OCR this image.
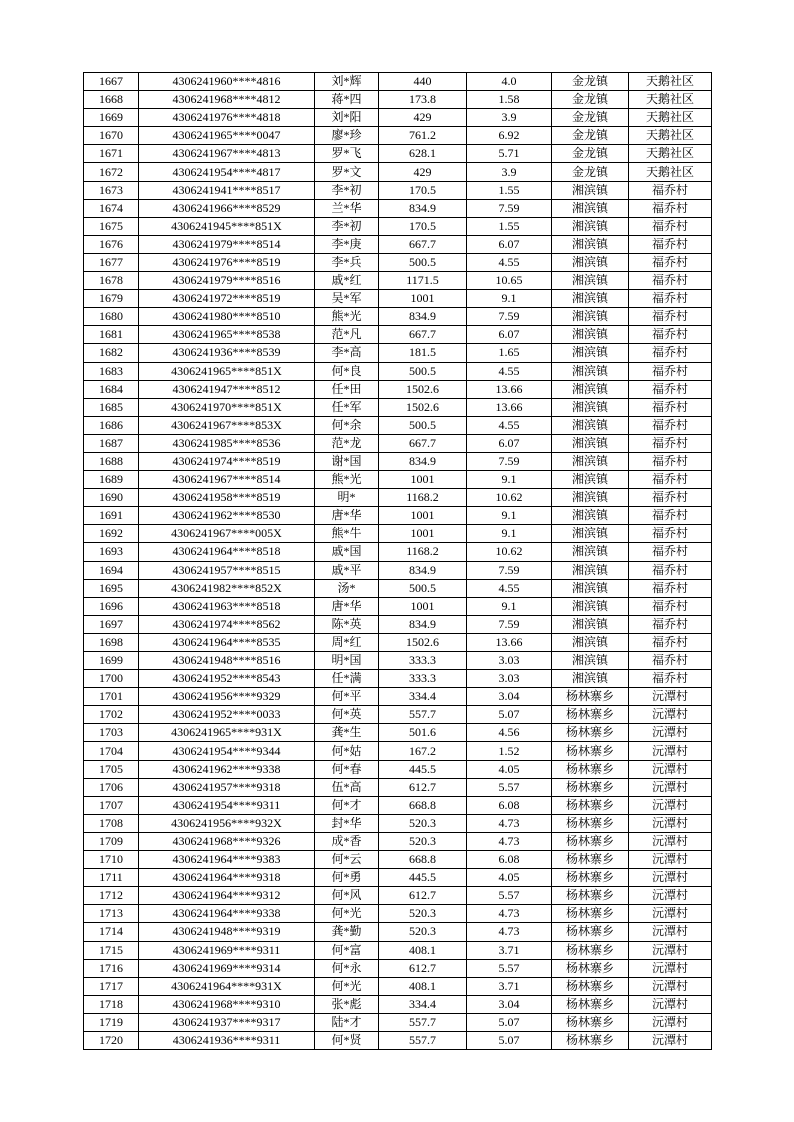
1667	4306241960****4816	刘*辉	440	4.0	金龙镇	天鹅社区
1668	4306241968****4812	蒋*四	173.8	1.58	金龙镇	天鹅社区
1669	4306241976****4818	刘*阳	429	3.9	金龙镇	天鹅社区
1670	4306241965****0047	廖*珍	761.2	6.92	金龙镇	天鹅社区
1671	4306241967****4813	罗*飞	628.1	5.71	金龙镇	天鹅社区
1672	4306241954****4817	罗*文	429	3.9	金龙镇	天鹅社区
1673	4306241941****8517	李*初	170.5	1.55	湘滨镇	福乔村
1674	4306241966****8529	兰*华	834.9	7.59	湘滨镇	福乔村
1675	4306241945****851X	李*初	170.5	1.55	湘滨镇	福乔村
1676	4306241979****8514	李*庚	667.7	6.07	湘滨镇	福乔村
1677	4306241976****8519	李*兵	500.5	4.55	湘滨镇	福乔村
1678	4306241979****8516	戚*红	1171.5	10.65	湘滨镇	福乔村
1679	4306241972****8519	吴*军	1001	9.1	湘滨镇	福乔村
1680	4306241980****8510	熊*光	834.9	7.59	湘滨镇	福乔村
1681	4306241965****8538	范*凡	667.7	6.07	湘滨镇	福乔村
1682	4306241936****8539	李*高	181.5	1.65	湘滨镇	福乔村
1683	4306241965****851X	何*良	500.5	4.55	湘滨镇	福乔村
1684	4306241947****8512	任*田	1502.6	13.66	湘滨镇	福乔村
1685	4306241970****851X	任*军	1502.6	13.66	湘滨镇	福乔村
1686	4306241967****853X	何*余	500.5	4.55	湘滨镇	福乔村
1687	4306241985****8536	范*龙	667.7	6.07	湘滨镇	福乔村
1688	4306241974****8519	谢*国	834.9	7.59	湘滨镇	福乔村
1689	4306241967****8514	熊*光	1001	9.1	湘滨镇	福乔村
1690	4306241958****8519	明*	1168.2	10.62	湘滨镇	福乔村
1691	4306241962****8530	唐*华	1001	9.1	湘滨镇	福乔村
1692	4306241967****005X	熊*牛	1001	9.1	湘滨镇	福乔村
1693	4306241964****8518	戚*国	1168.2	10.62	湘滨镇	福乔村
1694	4306241957****8515	戚*平	834.9	7.59	湘滨镇	福乔村
1695	4306241982****852X	汤*	500.5	4.55	湘滨镇	福乔村
1696	4306241963****8518	唐*华	1001	9.1	湘滨镇	福乔村
1697	4306241974****8562	陈*英	834.9	7.59	湘滨镇	福乔村
1698	4306241964****8535	周*红	1502.6	13.66	湘滨镇	福乔村
1699	4306241948****8516	明*国	333.3	3.03	湘滨镇	福乔村
1700	4306241952****8543	任*满	333.3	3.03	湘滨镇	福乔村
1701	4306241956****9329	何*平	334.4	3.04	杨林寨乡	沅潭村
1702	4306241952****0033	何*英	557.7	5.07	杨林寨乡	沅潭村
1703	4306241965****931X	龚*生	501.6	4.56	杨林寨乡	沅潭村
1704	4306241954****9344	何*姑	167.2	1.52	杨林寨乡	沅潭村
1705	4306241962****9338	何*春	445.5	4.05	杨林寨乡	沅潭村
1706	4306241957****9318	伍*高	612.7	5.57	杨林寨乡	沅潭村
1707	4306241954****9311	何*才	668.8	6.08	杨林寨乡	沅潭村
1708	4306241956****932X	封*华	520.3	4.73	杨林寨乡	沅潭村
1709	4306241968****9326	成*香	520.3	4.73	杨林寨乡	沅潭村
1710	4306241964****9383	何*云	668.8	6.08	杨林寨乡	沅潭村
1711	4306241964****9318	何*勇	445.5	4.05	杨林寨乡	沅潭村
1712	4306241964****9312	何*风	612.7	5.57	杨林寨乡	沅潭村
1713	4306241964****9338	何*光	520.3	4.73	杨林寨乡	沅潭村
1714	4306241948****9319	龚*勤	520.3	4.73	杨林寨乡	沅潭村
1715	4306241969****9311	何*富	408.1	3.71	杨林寨乡	沅潭村
1716	4306241969****9314	何*永	612.7	5.57	杨林寨乡	沅潭村
1717	4306241964****931X	何*光	408.1	3.71	杨林寨乡	沅潭村
1718	4306241968****9310	张*彪	334.4	3.04	杨林寨乡	沅潭村
1719	4306241937****9317	陆*才	557.7	5.07	杨林寨乡	沅潭村
1720	4306241936****9311	何*贤	557.7	5.07	杨林寨乡	沅潭村
